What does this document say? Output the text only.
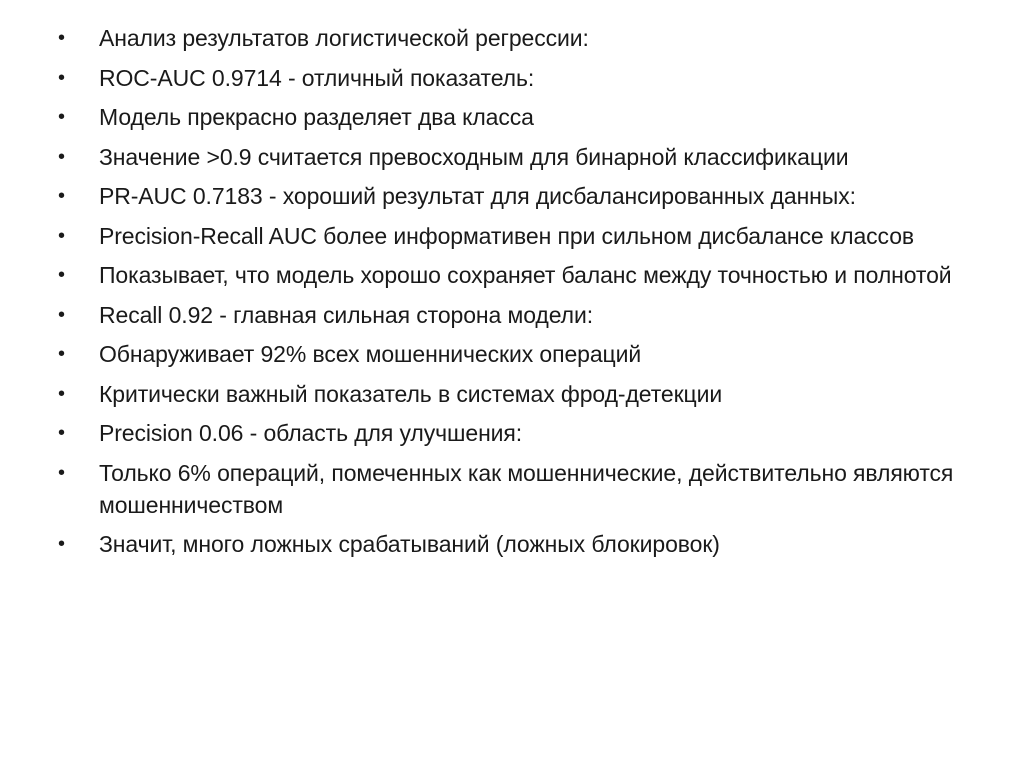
•	Анализ результатов логистической регрессии:
•	ROC-AUC 0.9714 - отличный показатель:
•	Модель прекрасно разделяет два класса
•	Значение >0.9 считается превосходным для бинарной классификации
•	PR-AUC 0.7183 - хороший результат для дисбалансированных данных:
•	Precision-Recall AUC более информативен при сильном дисбалансе классов
•	Показывает, что модель хорошо сохраняет баланс между точностью и полнотой
•	Recall 0.92 - главная сильная сторона модели:
•	Обнаруживает 92% всех мошеннических операций
•	Критически важный показатель в системах фрод-детекции
•	Precision 0.06 - область для улучшения:
•	Только 6% операций, помеченных как мошеннические, действительно являются мошенничеством
•	Значит, много ложных срабатываний (ложных блокировок)
